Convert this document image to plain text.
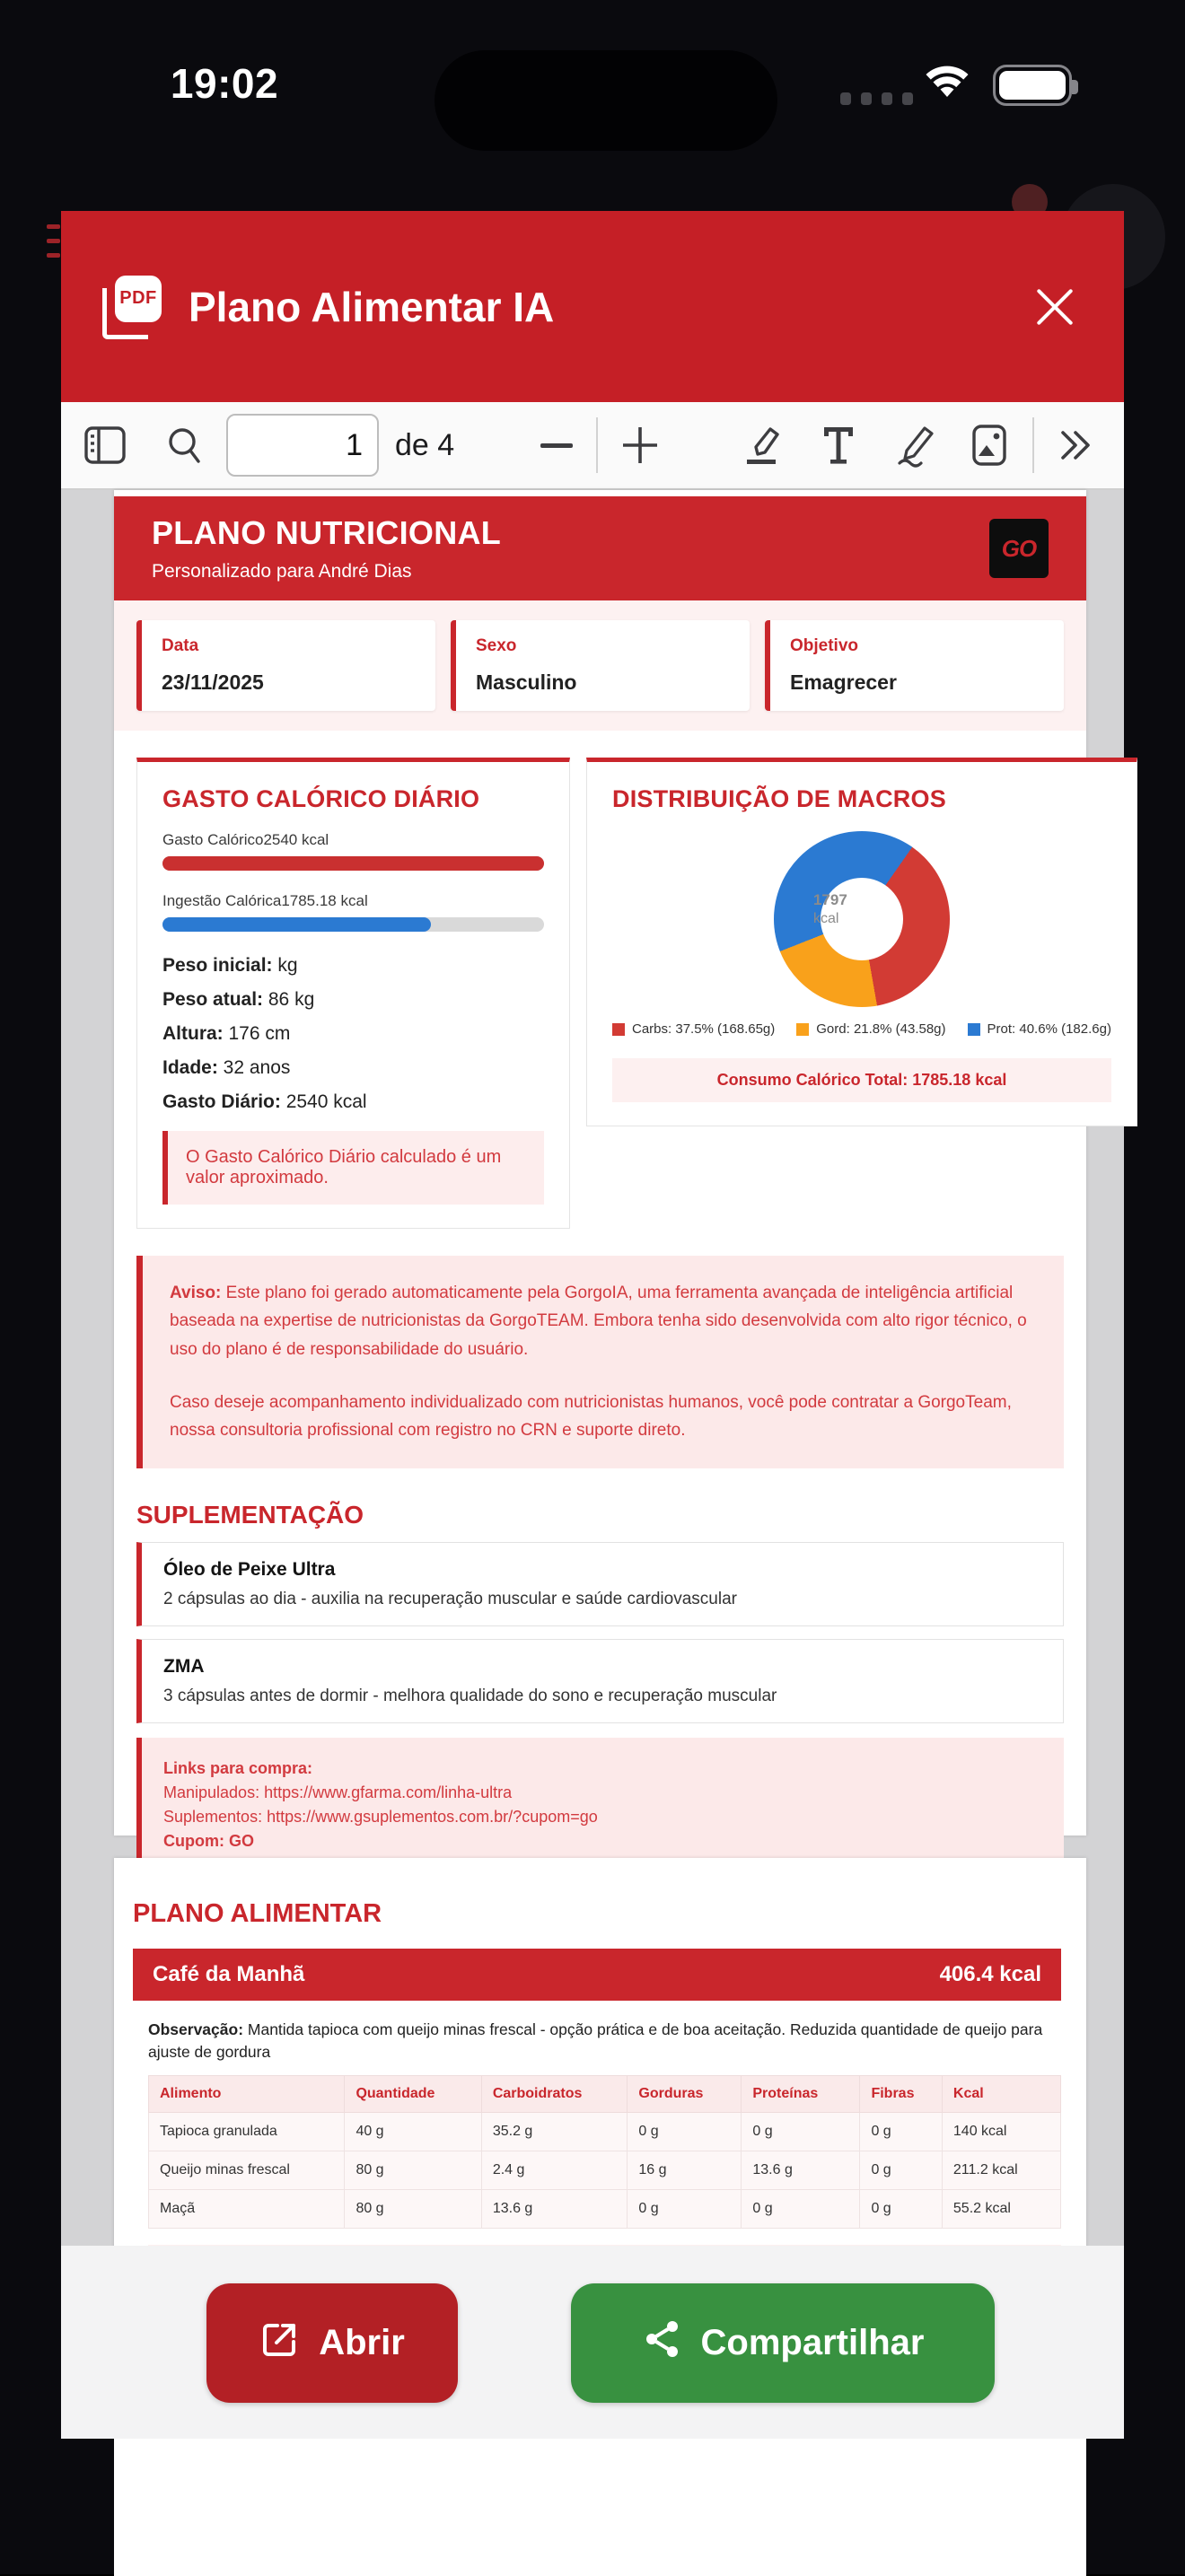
19:02
PDF Plano Alimentar IA
1
de 4
PLANO NUTRICIONAL

Personalizado para André Dias

GO
Data
23/11/2025
Sexo
Masculino
Objetivo
Emagrecer
GASTO CALÓRICO DIÁRIO
Gasto Calórico2540 kcal
Ingestão Calórica1785.18 kcal
Peso inicial: kg
Peso atual: 86 kg
Altura: 176 cm
Idade: 32 anos
Gasto Diário: 2540 kcal
O Gasto Calórico Diário calculado é um valor aproximado.
DISTRIBUIÇÃO DE MACROS
1797
kcal
Carbs: 37.5% (168.65g)	Gord: 21.8% (43.58g)	Prot: 40.6% (182.6g)
Consumo Calórico Total: 1785.18 kcal

Aviso: Este plano foi gerado automaticamente pela GorgoIA, uma ferramenta avançada de inteligência artificial baseada na expertise de nutricionistas da GorgoTEAM. Embora tenha sido desenvolvida com alto rigor técnico, o uso do plano é de responsabilidade do usuário.

Caso deseje acompanhamento individualizado com nutricionistas humanos, você pode contratar a GorgoTeam, nossa consultoria profissional com registro no CRN e suporte direto.

SUPLEMENTAÇÃO
Óleo de Peixe Ultra
2 cápsulas ao dia - auxilia na recuperação muscular e saúde cardiovascular
ZMA
3 cápsulas antes de dormir - melhora qualidade do sono e recuperação muscular
Links para compra:
Manipulados: https://www.gfarma.com/linha-ultra
Suplementos: https://www.gsuplementos.com.br/?cupom=go
Cupom: GO
PLANO ALIMENTAR
Café da Manhã	406.4 kcal
Observação: Mantida tapioca com queijo minas frescal - opção prática e de boa aceitação. Reduzida quantidade de queijo para ajuste de gordura
Alimento	Quantidade	Carboidratos	Gorduras	Proteínas	Fibras	Kcal
Tapioca granulada	40 g	35.2 g	0 g	0 g	0 g	140 kcal
Queijo minas frescal	80 g	2.4 g	16 g	13.6 g	0 g	211.2 kcal
Maçã	80 g	13.6 g	0 g	0 g	0 g	55.2 kcal
Abrir	Compartilhar
